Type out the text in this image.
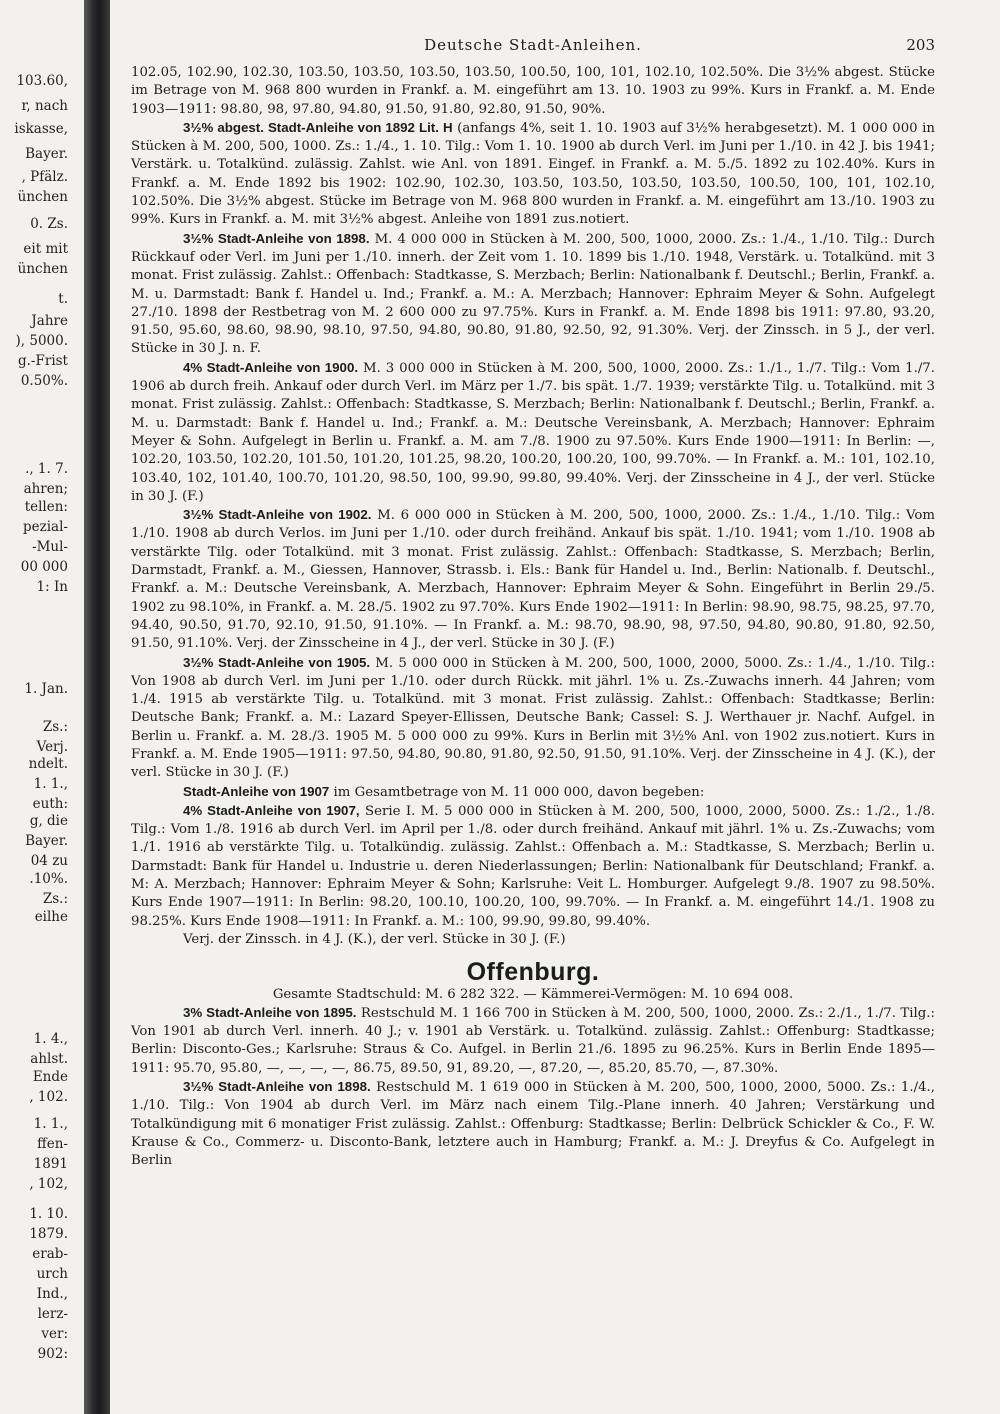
103.60,
r, nach
iskasse,
Bayer.
, Pfälz.
ünchen
0. Zs.
eit mit
ünchen
t.
Jahre
), 5000.
g.-Frist
0.50%.
., 1. 7.
ahren;
tellen:
pezial-
-Mul-
00 000
1: In
1. Jan.
Zs.:
Verj.
ndelt.
1. 1.,
euth:
g, die
Bayer.
04 zu
.10%.
Zs.:
eilhe
1. 4.,
ahlst.
Ende
, 102.
1. 1.,
ffen-
1891
, 102,
1. 10.
1879.
erab-
urch
Ind.,
lerz-
ver:
902:
Deutsche Stadt-Anleihen.	203

102.05, 102.90, 102.30, 103.50, 103.50, 103.50, 103.50, 100.50, 100, 101, 102.10, 102.50%. Die 3½% abgest. Stücke im Betrage von M. 968 800 wurden in Frankf. a. M. eingeführt am 13. 10. 1903 zu 99%. Kurs in Frankf. a. M. Ende 1903—1911: 98.80, 98, 97.80, 94.80, 91.50, 91.80, 92.80, 91.50, 90%.

3½% abgest. Stadt-Anleihe von 1892 Lit. H (anfangs 4%, seit 1. 10. 1903 auf 3½% herabgesetzt). M. 1 000 000 in Stücken à M. 200, 500, 1000. Zs.: 1./4., 1. 10. Tilg.: Vom 1. 10. 1900 ab durch Verl. im Juni per 1./10. in 42 J. bis 1941; Verstärk. u. Totalkünd. zulässig. Zahlst. wie Anl. von 1891. Eingef. in Frankf. a. M. 5./5. 1892 zu 102.40%. Kurs in Frankf. a. M. Ende 1892 bis 1902: 102.90, 102.30, 103.50, 103.50, 103.50, 103.50, 100.50, 100, 101, 102.10, 102.50%. Die 3½% abgest. Stücke im Betrage von M. 968 800 wurden in Frankf. a. M. eingeführt am 13./10. 1903 zu 99%. Kurs in Frankf. a. M. mit 3½% abgest. Anleihe von 1891 zus.notiert.

3½% Stadt-Anleihe von 1898. M. 4 000 000 in Stücken à M. 200, 500, 1000, 2000. Zs.: 1./4., 1./10. Tilg.: Durch Rückkauf oder Verl. im Juni per 1./10. innerh. der Zeit vom 1. 10. 1899 bis 1./10. 1948, Verstärk. u. Totalkünd. mit 3 monat. Frist zulässig. Zahlst.: Offenbach: Stadtkasse, S. Merzbach; Berlin: Nationalbank f. Deutschl.; Berlin, Frankf. a. M. u. Darmstadt: Bank f. Handel u. Ind.; Frankf. a. M.: A. Merzbach; Hannover: Ephraim Meyer & Sohn. Aufgelegt 27./10. 1898 der Restbetrag von M. 2 600 000 zu 97.75%. Kurs in Frankf. a. M. Ende 1898 bis 1911: 97.80, 93.20, 91.50, 95.60, 98.60, 98.90, 98.10, 97.50, 94.80, 90.80, 91.80, 92.50, 92, 91.30%. Verj. der Zinssch. in 5 J., der verl. Stücke in 30 J. n. F.

4% Stadt-Anleihe von 1900. M. 3 000 000 in Stücken à M. 200, 500, 1000, 2000. Zs.: 1./1., 1./7. Tilg.: Vom 1./7. 1906 ab durch freih. Ankauf oder durch Verl. im März per 1./7. bis spät. 1./7. 1939; verstärkte Tilg. u. Totalkünd. mit 3 monat. Frist zulässig. Zahlst.: Offenbach: Stadtkasse, S. Merzbach; Berlin: Nationalbank f. Deutschl.; Berlin, Frankf. a. M. u. Darmstadt: Bank f. Handel u. Ind.; Frankf. a. M.: Deutsche Vereinsbank, A. Merzbach; Hannover: Ephraim Meyer & Sohn. Aufgelegt in Berlin u. Frankf. a. M. am 7./8. 1900 zu 97.50%. Kurs Ende 1900—1911: In Berlin: —, 102.20, 103.50, 102.20, 101.50, 101.20, 101.25, 98.20, 100.20, 100.20, 100, 99.70%. — In Frankf. a. M.: 101, 102.10, 103.40, 102, 101.40, 100.70, 101.20, 98.50, 100, 99.90, 99.80, 99.40%. Verj. der Zinsscheine in 4 J., der verl. Stücke in 30 J. (F.)

3½% Stadt-Anleihe von 1902. M. 6 000 000 in Stücken à M. 200, 500, 1000, 2000. Zs.: 1./4., 1./10. Tilg.: Vom 1./10. 1908 ab durch Verlos. im Juni per 1./10. oder durch freihänd. Ankauf bis spät. 1./10. 1941; vom 1./10. 1908 ab verstärkte Tilg. oder Totalkünd. mit 3 monat. Frist zulässig. Zahlst.: Offenbach: Stadtkasse, S. Merzbach; Berlin, Darmstadt, Frankf. a. M., Giessen, Hannover, Strassb. i. Els.: Bank für Handel u. Ind., Berlin: Nationalb. f. Deutschl., Frankf. a. M.: Deutsche Vereinsbank, A. Merzbach, Hannover: Ephraim Meyer & Sohn. Eingeführt in Berlin 29./5. 1902 zu 98.10%, in Frankf. a. M. 28./5. 1902 zu 97.70%. Kurs Ende 1902—1911: In Berlin: 98.90, 98.75, 98.25, 97.70, 94.40, 90.50, 91.70, 92.10, 91.50, 91.10%. — In Frankf. a. M.: 98.70, 98.90, 98, 97.50, 94.80, 90.80, 91.80, 92.50, 91.50, 91.10%. Verj. der Zinsscheine in 4 J., der verl. Stücke in 30 J. (F.)

3½% Stadt-Anleihe von 1905. M. 5 000 000 in Stücken à M. 200, 500, 1000, 2000, 5000. Zs.: 1./4., 1./10. Tilg.: Von 1908 ab durch Verl. im Juni per 1./10. oder durch Rückk. mit jährl. 1% u. Zs.-Zuwachs innerh. 44 Jahren; vom 1./4. 1915 ab verstärkte Tilg. u. Totalkünd. mit 3 monat. Frist zulässig. Zahlst.: Offenbach: Stadtkasse; Berlin: Deutsche Bank; Frankf. a. M.: Lazard Speyer-Ellissen, Deutsche Bank; Cassel: S. J. Werthauer jr. Nachf. Aufgel. in Berlin u. Frankf. a. M. 28./3. 1905 M. 5 000 000 zu 99%. Kurs in Berlin mit 3½% Anl. von 1902 zus.notiert. Kurs in Frankf. a. M. Ende 1905—1911: 97.50, 94.80, 90.80, 91.80, 92.50, 91.50, 91.10%. Verj. der Zinsscheine in 4 J. (K.), der verl. Stücke in 30 J. (F.)

Stadt-Anleihe von 1907 im Gesamtbetrage von M. 11 000 000, davon begeben:

4% Stadt-Anleihe von 1907, Serie I. M. 5 000 000 in Stücken à M. 200, 500, 1000, 2000, 5000. Zs.: 1./2., 1./8. Tilg.: Vom 1./8. 1916 ab durch Verl. im April per 1./8. oder durch freihänd. Ankauf mit jährl. 1% u. Zs.-Zuwachs; vom 1./1. 1916 ab verstärkte Tilg. u. Totalkündig. zulässig. Zahlst.: Offenbach a. M.: Stadtkasse, S. Merzbach; Berlin u. Darmstadt: Bank für Handel u. Industrie u. deren Niederlassungen; Berlin: Nationalbank für Deutschland; Frankf. a. M: A. Merzbach; Hannover: Ephraim Meyer & Sohn; Karlsruhe: Veit L. Homburger. Aufgelegt 9./8. 1907 zu 98.50%. Kurs Ende 1907—1911: In Berlin: 98.20, 100.10, 100.20, 100, 99.70%. — In Frankf. a. M. eingeführt 14./1. 1908 zu 98.25%. Kurs Ende 1908—1911: In Frankf. a. M.: 100, 99.90, 99.80, 99.40%.

Verj. der Zinssch. in 4 J. (K.), der verl. Stücke in 30 J. (F.)

Offenburg.

Gesamte Stadtschuld: M. 6 282 322. — Kämmerei-Vermögen: M. 10 694 008.

3% Stadt-Anleihe von 1895. Restschuld M. 1 166 700 in Stücken à M. 200, 500, 1000, 2000. Zs.: 2./1., 1./7. Tilg.: Von 1901 ab durch Verl. innerh. 40 J.; v. 1901 ab Verstärk. u. Totalkünd. zulässig. Zahlst.: Offenburg: Stadtkasse; Berlin: Disconto-Ges.; Karlsruhe: Straus & Co. Aufgel. in Berlin 21./6. 1895 zu 96.25%. Kurs in Berlin Ende 1895—1911: 95.70, 95.80, —, —, —, —, 86.75, 89.50, 91, 89.20, —, 87.20, —, 85.20, 85.70, —, 87.30%.

3½% Stadt-Anleihe von 1898. Restschuld M. 1 619 000 in Stücken à M. 200, 500, 1000, 2000, 5000. Zs.: 1./4., 1./10. Tilg.: Von 1904 ab durch Verl. im März nach einem Tilg.-Plane innerh. 40 Jahren; Verstärkung und Totalkündigung mit 6 monatiger Frist zulässig. Zahlst.: Offenburg: Stadtkasse; Berlin: Delbrück Schickler & Co., F. W. Krause & Co., Commerz- u. Disconto-Bank, letztere auch in Hamburg; Frankf. a. M.: J. Dreyfus & Co. Aufgelegt in Berlin
